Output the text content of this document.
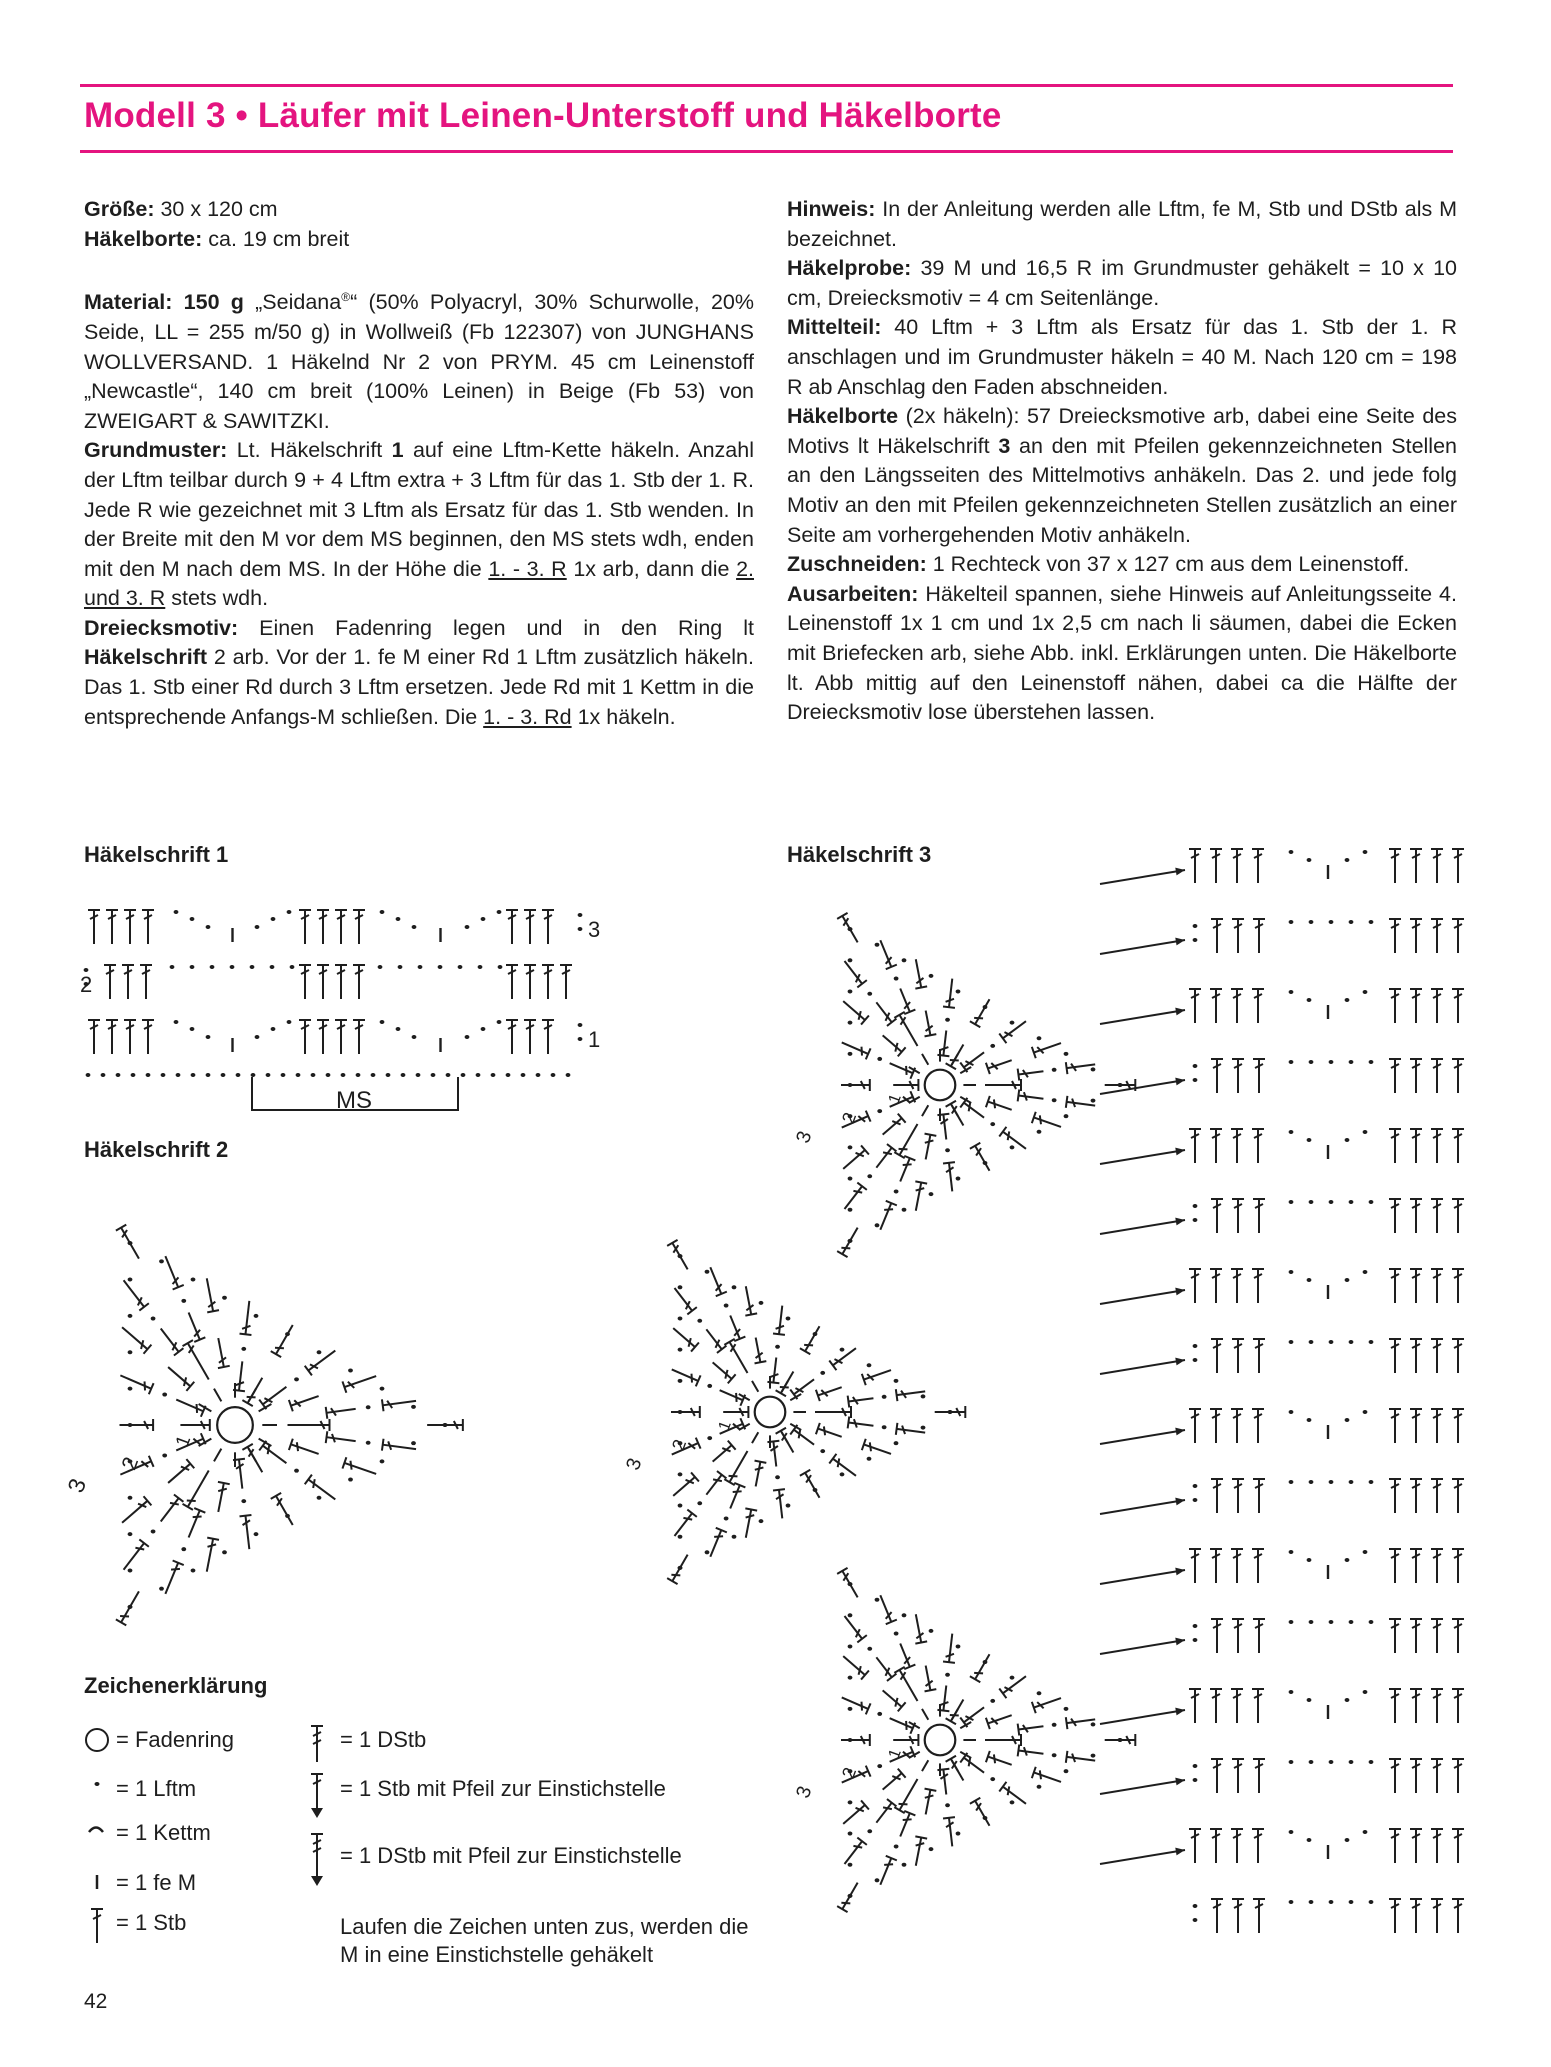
Modell 3 • Läufer mit Leinen-Unterstoff und Häkelborte

Größe: 30 x 120 cm

Häkelborte: ca. 19 cm breit

Material: 150 g „Seidana®“ (50% Polyacryl, 30% Schurwolle, 20% Seide, LL = 255 m/50 g) in Wollweiß (Fb 122307) von JUNGHANS WOLLVERSAND. 1 Häkelnd Nr 2 von PRYM. 45 cm Leinenstoff „Newcastle“, 140 cm breit (100% Leinen) in Beige (Fb 53) von ZWEIGART & SAWITZKI.

Grundmuster: Lt. Häkelschrift 1 auf eine Lftm-Kette häkeln. Anzahl der Lftm teilbar durch 9 + 4 Lftm extra + 3 Lftm für das 1. Stb der 1. R. Jede R wie gezeichnet mit 3 Lftm als Ersatz für das 1. Stb wenden. In der Breite mit den M vor dem MS beginnen, den MS stets wdh, enden mit den M nach dem MS. In der Höhe die 1. - 3. R 1x arb, dann die 2. und 3. R stets wdh.

Dreiecksmotiv: Einen Fadenring legen und in den Ring lt Häkelschrift 2 arb. Vor der 1. fe M einer Rd 1 Lftm zusätzlich häkeln. Das 1. Stb einer Rd durch 3 Lftm ersetzen. Jede Rd mit 1 Kettm in die entsprechende Anfangs-M schließen. Die 1. - 3. Rd 1x häkeln.

Hinweis: In der Anleitung werden alle Lftm, fe M, Stb und DStb als M bezeichnet.

Häkelprobe: 39 M und 16,5 R im Grundmuster gehäkelt = 10 x 10 cm, Dreiecksmotiv = 4 cm Seitenlänge.

Mittelteil: 40 Lftm + 3 Lftm als Ersatz für das 1. Stb der 1. R anschlagen und im Grundmuster häkeln = 40 M. Nach 120 cm = 198 R ab Anschlag den Faden abschneiden.

Häkelborte (2x häkeln): 57 Dreiecksmotive arb, dabei eine Seite des Motivs lt Häkelschrift 3 an den mit Pfeilen gekennzeichneten Stellen an den Längsseiten des Mittelmotivs anhäkeln. Das 2. und jede folg Motiv an den mit Pfeilen gekennzeichneten Stellen zusätzlich an einer Seite am vorhergehenden Motiv anhäkeln.

Zuschneiden: 1 Rechteck von 37 x 127 cm aus dem Leinenstoff.

Ausarbeiten: Häkelteil spannen, siehe Hinweis auf Anleitungsseite 4. Leinenstoff 1x 1 cm und 1x 2,5 cm nach li säumen, dabei die Ecken mit Briefecken arb, siehe Abb. inkl. Erklärungen unten. Die Häkelborte lt. Abb mittig auf den Leinenstoff nähen, dabei ca die Hälfte der Dreiecksmotiv lose überstehen lassen.

Häkelschrift 1
Häkelschrift 2
Häkelschrift 3
3
2
1
MS
1
2
3
1
2
3
1
2
3
1
2
3
Zeichenerklärung
= Fadenring
= 1 Lftm
= 1 Kettm
= 1 fe M
= 1 Stb
= 1 DStb
= 1 Stb mit Pfeil zur Einstichstelle
= 1 DStb mit Pfeil zur Einstichstelle
Laufen die Zeichen unten zus, werden die M in eine Einstichstelle gehäkelt
42
